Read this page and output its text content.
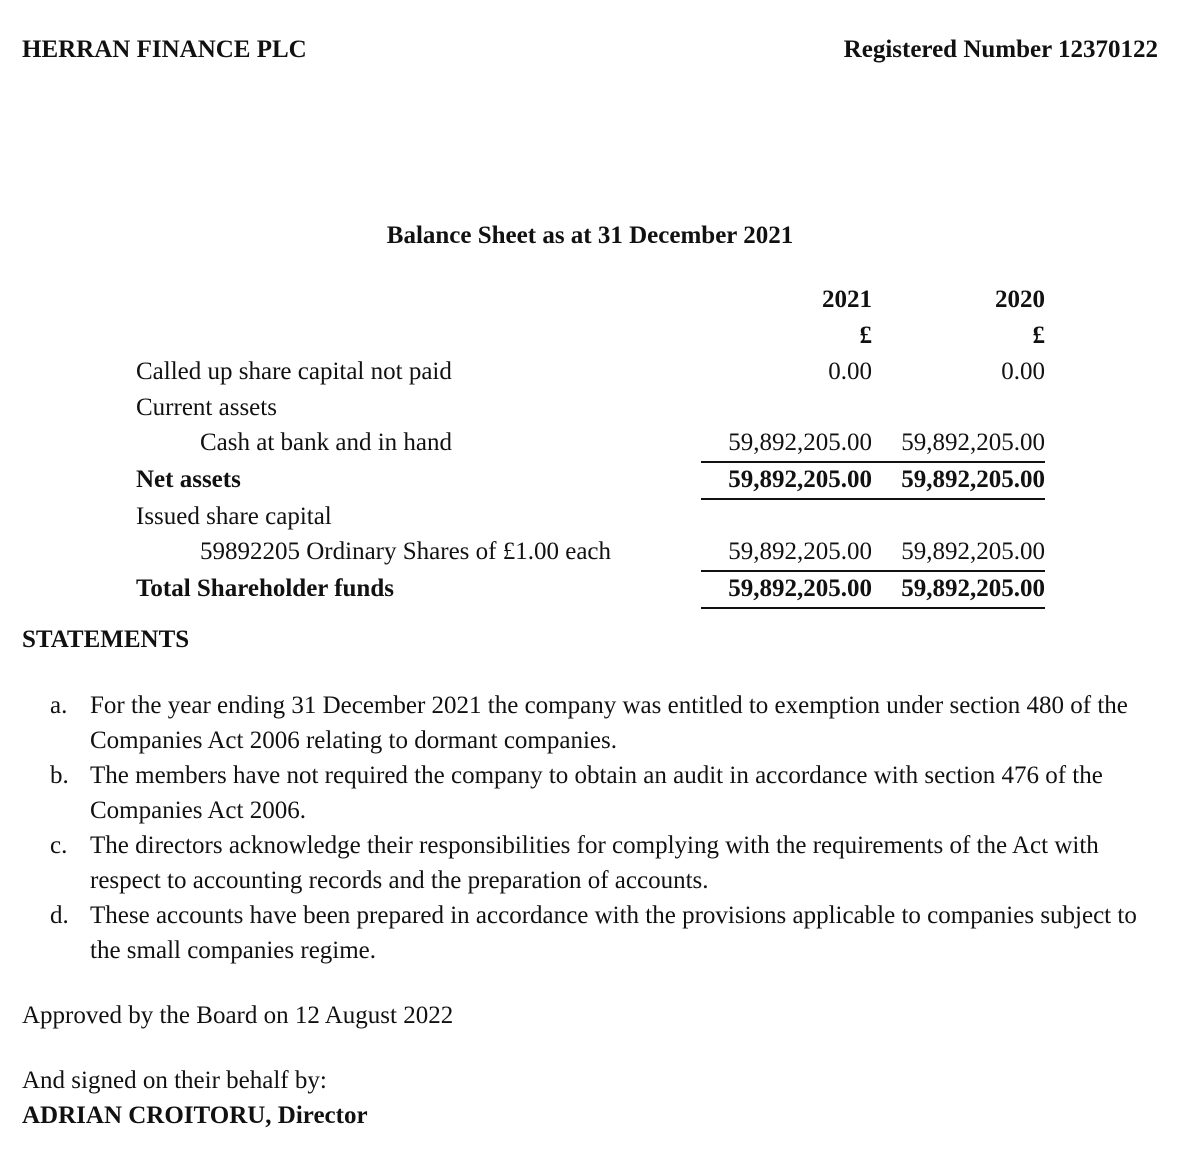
HERRAN FINANCE PLC	Registered Number 12370122
Balance Sheet as at 31 December 2021
2021	2020
£	£
Called up share capital not paid	0.00	0.00
Current assets
Cash at bank and in hand	59,892,205.00 59,892,205.00
Net assets	59,892,205.00 59,892,205.00
Issued share capital
59892205 Ordinary Shares of £1.00 each	59,892,205.00 59,892,205.00
Total Shareholder funds	59,892,205.00 59,892,205.00
STATEMENTS
a. For the year ending 31 December 2021 the company was entitled to exemption under section 480 of the Companies Act 2006 relating to dormant companies.
b. The members have not required the company to obtain an audit in accordance with section 476 of the Companies Act 2006.
c. The directors acknowledge their responsibilities for complying with the requirements of the Act with respect to accounting records and the preparation of accounts.
d. These accounts have been prepared in accordance with the provisions applicable to companies subject to the small companies regime.
Approved by the Board on 12 August 2022
And signed on their behalf by:
ADRIAN CROITORU, Director
